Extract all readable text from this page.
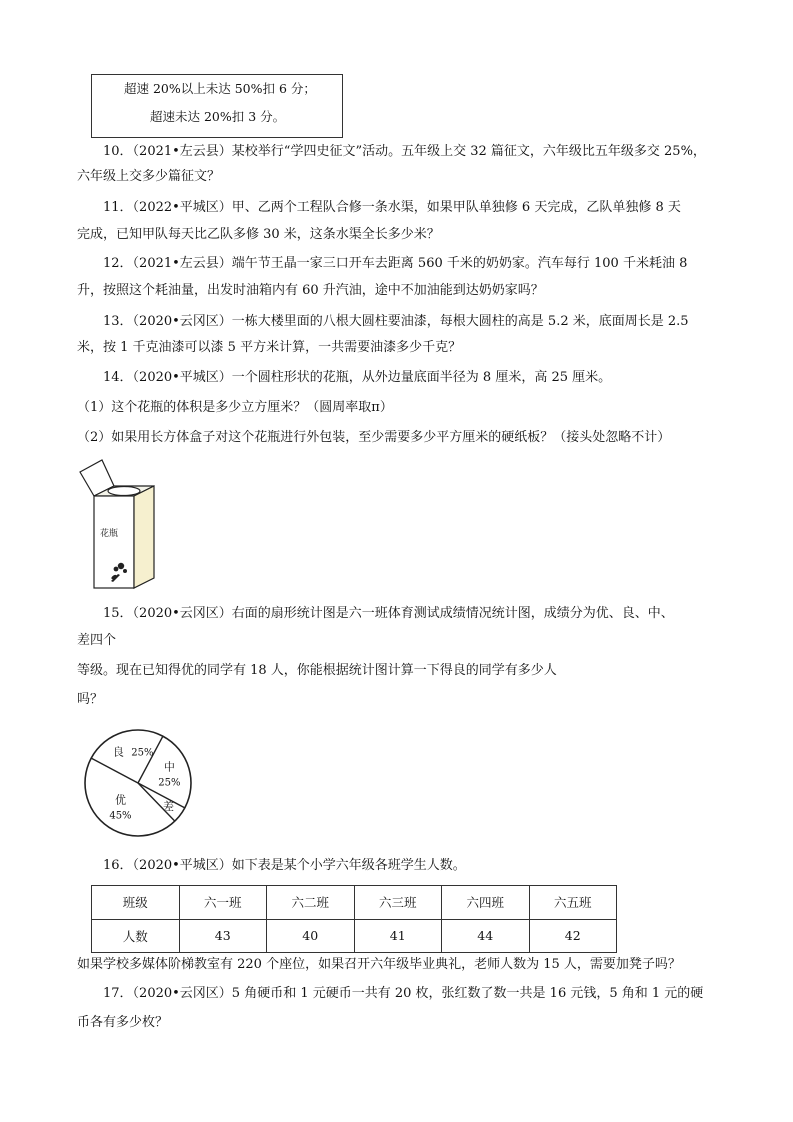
超速 20%以上未达 50%扣 6 分；
超速未达 20%扣 3 分。
10．（2021•左云县）某校举行“学四史征文”活动。五年级上交 32 篇征文，六年级比五年级多交 25%，
六年级上交多少篇征文？
11．（2022•平城区）甲、乙两个工程队合修一条水渠，如果甲队单独修 6 天完成，乙队单独修 8 天
完成，已知甲队每天比乙队多修 30 米，这条水渠全长多少米？
12．（2021•左云县）端午节王晶一家三口开车去距离 560 千米的奶奶家。汽车每行 100 千米耗油 8
升，按照这个耗油量，出发时油箱内有 60 升汽油，途中不加油能到达奶奶家吗？
13．（2020•云冈区）一栋大楼里面的八根大圆柱要油漆，每根大圆柱的高是 5.2 米，底面周长是 2.5
米，按 1 千克油漆可以漆 5 平方米计算，一共需要油漆多少千克？
14．（2020•平城区）一个圆柱形状的花瓶，从外边量底面半径为 8 厘米，高 25 厘米。
（1）这个花瓶的体积是多少立方厘米？（圆周率取π）
（2）如果用长方体盒子对这个花瓶进行外包装，至少需要多少平方厘米的硬纸板？（接头处忽略不计）
花瓶
15．（2020•云冈区）右面的扇形统计图是六一班体育测试成绩情况统计图，成绩分为优、良、中、
差四个
等级。现在已知得优的同学有 18 人，你能根据统计图计算一下得良的同学有多少人
吗？
良 25%
中
25%
差
优
45%
16．（2020•平城区）如下表是某个小学六年级各班学生人数。
班级	六一班	六二班	六三班	六四班	六五班
人数	43	40	41	44	42
如果学校多媒体阶梯教室有 220 个座位，如果召开六年级毕业典礼，老师人数为 15 人，需要加凳子吗？
17．（2020•云冈区）5 角硬币和 1 元硬币一共有 20 枚，张红数了数一共是 16 元钱，5 角和 1 元的硬
币各有多少枚？
